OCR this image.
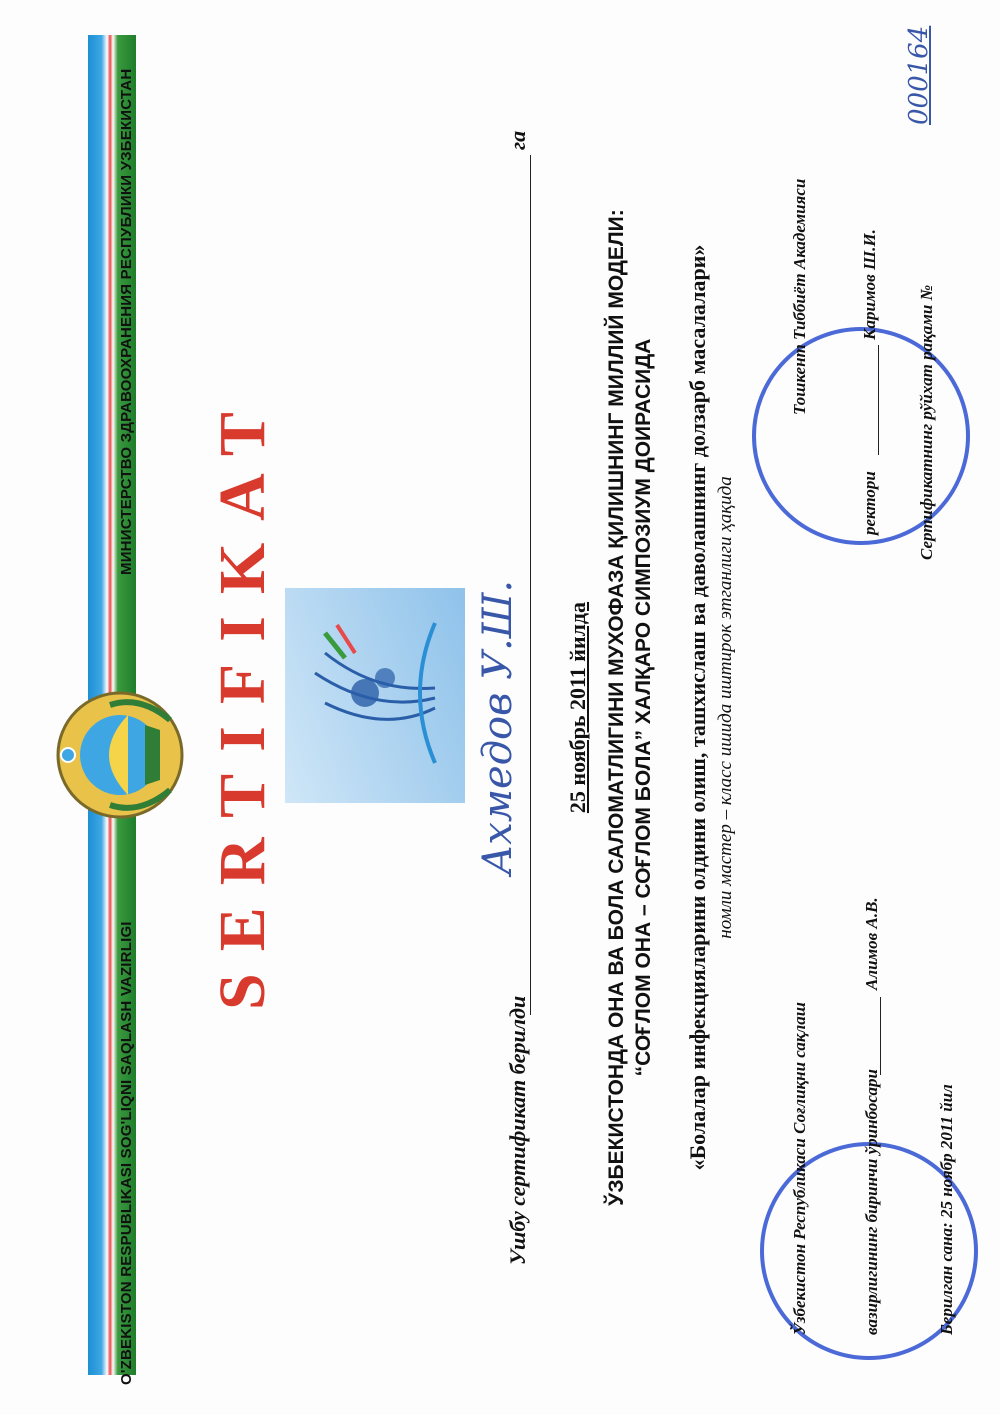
O'ZBEKISTON RESPUBLIKASI SOG'LIQNI SAQLASH VAZIRLIGI
МИНИСТЕРСТВО ЗДРАВООХРАНЕНИЯ РЕСПУБЛИКИ УЗБЕКИСТАН
SERTIFIKAT
Ушбу сертификат берилди
Ахмедов У.Ш.
га
25 ноябрь 2011 йилда ЎЗБЕКИСТОНДА ОНА ВА БОЛА САЛОМАТЛИГИНИ МУХОФАЗА ҚИЛИШНИНГ МИЛЛИЙ МОДЕЛИ: “СОҒЛОМ ОНА – СОҒЛОМ БОЛА” ХАЛҚАРО СИМПОЗИУМ ДОИРАСИДА «Болалар инфекцияларини олдини олиш, ташхислаш ва даволашнинг долзарб масалалари» номли мастер – класс ишида иштирок этганлиги ҳақида
Ўзбекистон Республикаси Соғлиқни сақлаш	вазирлигининг биринчи ўринбосари
Алимов А.В.
Берилган сана: 25 ноябр 2011 йил
Тошкент Тиббиёт Академияси
ректори
Каримов Ш.И.
Сертификатнинг рўйхат рақами №
000164
